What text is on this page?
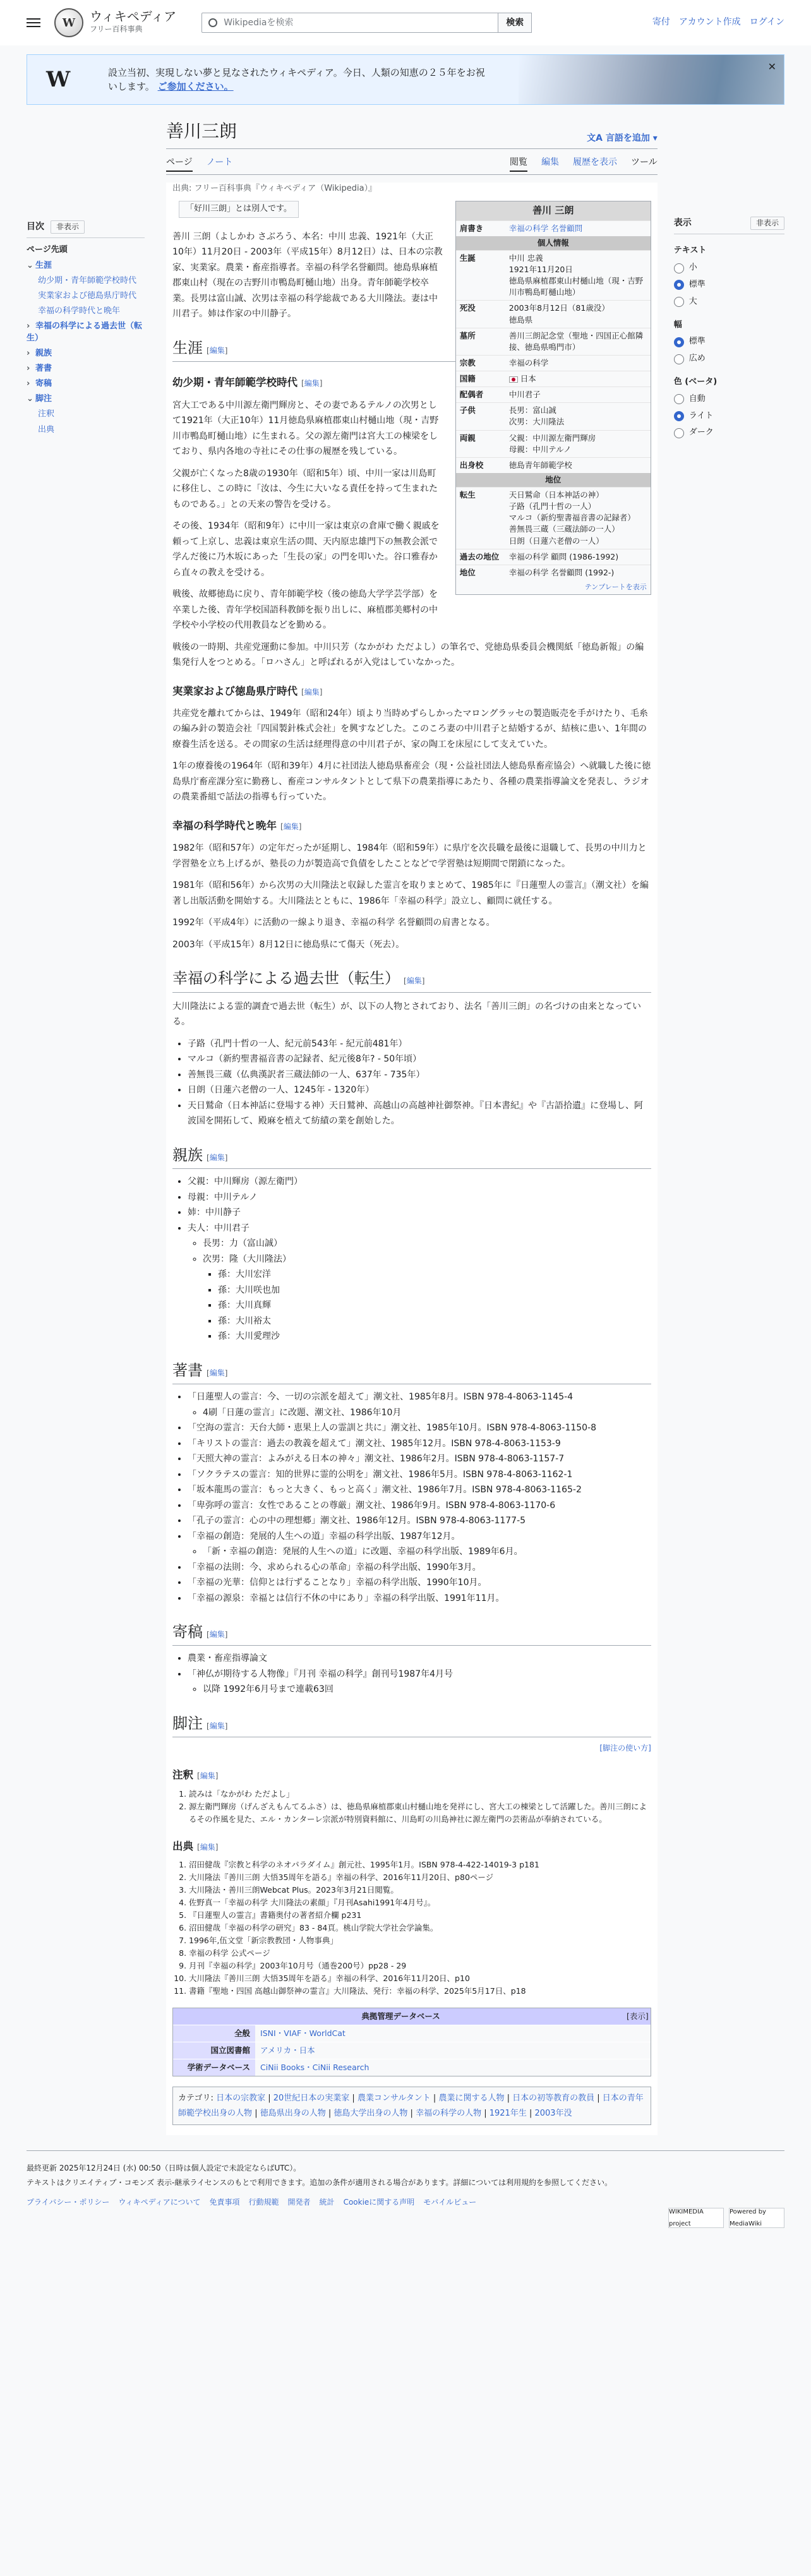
W	ウィキペディア
フリー百科事典
Wikipediaを検索	検索	寄付 アカウント作成 ログイン
W	設立当初、実現しない夢と見なされたウィキペディア。今日、人類の知恵の２５年をお祝いします。 ご参加ください。
✕
目次	非表示
ページ先頭
⌄ 生涯
幼少期・青年師範学校時代
実業家および徳島県庁時代
幸福の科学時代と晩年
› 幸福の科学による過去世（転生）
› 親族
› 著書
› 寄稿
⌄ 脚注
注釈
出典
善川三朗	文A 言語を追加 ▾
ページ ノート	閲覧 編集 履歴を表示 ツール
出典: フリー百科事典『ウィキペディア（Wikipedia）』
「好川三朗」とは別人です。	善川 三朗
肩書き	幸福の科学 名誉顧問
個人情報
生誕	中川 忠義
1921年11月20日
徳島県麻植郡東山村樋山地（現・吉野川市鴨島町樋山地）
死没	2003年8月12日（81歳没）
徳島県
墓所	善川三朗記念堂（聖地・四国正心館隣接、徳島県鳴門市）
宗教	幸福の科学
国籍	日本
配偶者	中川君子
子供	長男：富山誠
次男：大川隆法
両親	父親：中川源左衛門輝房
母親：中川テルノ
出身校	徳島青年師範学校
地位
転生	天日鷲命（日本神話の神）
子路（孔門十哲の一人）
マルコ（新約聖書福音書の記録者）
善無畏三蔵（三蔵法師の一人）
日朗（日蓮六老僧の一人）
過去の地位	幸福の科学 顧問 (1986-1992)
地位	幸福の科学 名誉顧問 (1992-)
テンプレートを表示

善川 三朗（よしかわ さぶろう、本名：中川 忠義、1921年（大正10年）11月20日 - 2003年（平成15年）8月12日）は、日本の宗教家、実業家。農業・畜産指導者。幸福の科学名誉顧問。徳島県麻植郡東山村（現在の吉野川市鴨島町樋山地）出身。青年師範学校卒業。長男は富山誠、次男は幸福の科学総裁である大川隆法。妻は中川君子。姉は作家の中川静子。

生涯 [編集]
幼少期・青年師範学校時代 [編集]

宮大工である中川源左衛門輝房と、その妻であるテルノの次男として1921年（大正10年）11月徳島県麻植郡東山村樋山地（現・吉野川市鴨島町樋山地）に生まれる。父の源左衛門は宮大工の棟梁をしており、県内各地の寺社にその仕事の履歴を残している。

父親が亡くなった8歳の1930年（昭和5年）頃、中川一家は川島町に移住し、この時に「汝は、今生に大いなる責任を持って生まれたものである。」との天来の警告を受ける。

その後、1934年（昭和9年）に中川一家は東京の倉庫で働く親戚を頼って上京し、忠義は東京生活の間、天内原忠雄門下の無教会派で学んだ後に乃木坂にあった「生長の家」の門を叩いた。谷口雅春から直々の教えを受ける。

戦後、故郷徳島に戻り、青年師範学校（後の徳島大学学芸学部）を卒業した後、青年学校国語科教師を振り出しに、麻植郡美郷村の中学校や小学校の代用教員などを勤める。

戦後の一時期、共産党運動に参加。中川只芳（なかがわ ただよし）の筆名で、党徳島県委員会機関紙「徳島新報」の編集発行人をつとめる。「ロハさん」と呼ばれるが入党はしていなかった。

実業家および徳島県庁時代 [編集]

共産党を離れてからは、1949年（昭和24年）頃より当時めずらしかったマロングラッセの製造販売を手がけたり、毛糸の編み針の製造会社「四国製針株式会社」を興すなどした。このころ妻の中川君子と結婚するが、結核に患い、1年間の療養生活を送る。その間家の生活は経理得意の中川君子が、家の陶工を床屋にして支えていた。

1年の療養後の1964年（昭和39年）4月に社団法人徳島県畜産会（現・公益社団法人徳島県畜産協会）へ就職した後に徳島県庁畜産課分室に勤務し、畜産コンサルタントとして県下の農業指導にあたり、各種の農業指導論文を発表し、ラジオの農業番組で話法の指導も行っていた。

幸福の科学時代と晩年 [編集]

1982年（昭和57年）の定年だったが延期し、1984年（昭和59年）に県庁を次長職を最後に退職して、長男の中川力と学習塾を立ち上げるが、塾長の力が製造高で負債をしたことなどで学習塾は短期間で閉鎖になった。

1981年（昭和56年）から次男の大川隆法と収録した霊言を取りまとめて、1985年に『日蓮聖人の霊言』（潮文社）を編著し出版活動を開始する。大川隆法とともに、1986年「幸福の科学」設立し、顧問に就任する。

1992年（平成4年）に活動の一線より退き、幸福の科学 名誉顧問の肩書となる。

2003年（平成15年）8月12日に徳島県にて傷天（死去）。

幸福の科学による過去世（転生） [編集]

大川隆法による霊的調査で過去世（転生）が、以下の人物とされており、法名「善川三朗」の名づけの由来となっている。

• 子路（孔門十哲の一人、紀元前543年 - 紀元前481年）
• マルコ（新約聖書福音書の記録者、紀元後8年? - 50年頃）
• 善無畏三蔵（仏典漢訳者三蔵法師の一人、637年 - 735年）
• 日朗（日蓮六老僧の一人、1245年 - 1320年）
• 天日鷲命（日本神話に登場する神）天日鷲神、高越山の高越神社御祭神。『日本書紀』や『古語拾遺』に登場し、阿波国を開拓して、殿麻を植えて紡績の業を創始した。
親族 [編集]
• 父親：中川輝房（源左衛門）
• 母親：中川テルノ
• 姉：中川静子
• 夫人：中川君子
◦ 長男：力（富山誠）
◦ 次男：隆（大川隆法）
▪ 孫：大川宏洋
▪ 孫：大川咲也加
▪ 孫：大川真輝
▪ 孫：大川裕太
▪ 孫：大川愛理沙
著書 [編集]
• 「日蓮聖人の霊言：今、一切の宗派を超えて」潮文社、1985年8月。ISBN 978-4-8063-1145-4
◦ 4刷「日蓮の霊言」に改題、潮文社、1986年10月
• 「空海の霊言：天台大師・恵果上人の霊訓と共に」潮文社、1985年10月。ISBN 978-4-8063-1150-8
• 「キリストの霊言：過去の教義を超えて」潮文社、1985年12月。ISBN 978-4-8063-1153-9
• 「天照大神の霊言：よみがえる日本の神々」潮文社、1986年2月。ISBN 978-4-8063-1157-7
• 「ソクラテスの霊言：知的世界に霊的公明を」潮文社、1986年5月。ISBN 978-4-8063-1162-1
• 「坂本龍馬の霊言：もっと大きく、もっと高く」潮文社、1986年7月。ISBN 978-4-8063-1165-2
• 「卑弥呼の霊言：女性であることの尊厳」潮文社、1986年9月。ISBN 978-4-8063-1170-6
• 「孔子の霊言：心の中の理想郷」潮文社、1986年12月。ISBN 978-4-8063-1177-5
• 「幸福の創造：発展的人生への道」幸福の科学出版、1987年12月。
◦ 「新・幸福の創造：発展的人生への道」に改題、幸福の科学出版、1989年6月。
• 「幸福の法則：今、求められる心の革命」幸福の科学出版、1990年3月。
• 「幸福の光華：信仰とは行ずることなり」幸福の科学出版、1990年10月。
• 「幸福の源泉：幸福とは信行不休の中にあり」幸福の科学出版、1991年11月。
寄稿 [編集]
• 農業・畜産指導論文
• 「神仏が期待する人物像」『月刊 幸福の科学』創刊号1987年4月号
◦ 以降 1992年6月号まで連載63回
脚注 [編集]
[脚注の使い方]
注釈 [編集]
1. 読みは「なかがわ ただよし」
2. 源左衛門輝房（げんざえもんてるふさ）は、徳島県麻植郡東山村樋山地を発祥にし、宮大工の棟梁として活躍した。善川三朗によるその作風を見た、エル・カンターレ宗派が特別資料館に、川島町の川島神社に源左衛門の芸術品が奉納されている。
出典 [編集]
1. 沼田健哉『宗教と科学のネオパラダイム』創元社、1995年1月。ISBN 978-4-422-14019-3 p181
2. 大川隆法『善川三朗 大悟35周年を語る』幸福の科学、2016年11月20日、p80ページ
3. 大川隆法・善川三朗Webcat Plus。2023年3月21日閲覧。
4. 佐野真一「幸福の科学 大川隆法の素顔」『月刊Asahi1991年4月号』。
5. 『日蓮聖人の霊言』書籍奥付の著者紹介欄 p231
6. 沼田健哉「幸福の科学の研究」83 - 84頁。桃山学院大学社会学論集。
7. 1996年,伍文堂「新宗教教団・人物事典」
8. 幸福の科学 公式ページ
9. 月刊『幸福の科学』2003年10月号（通巻200号）pp28 - 29
10. 大川隆法『善川三朗 大悟35周年を語る』幸福の科学、2016年11月20日、p10
11. 書籍『聖地・四国 高越山御祭神の霊言』大川隆法、発行：幸福の科学、2025年5月17日、p18
典拠管理データベース	[表示]
全般	ISNI・VIAF・WorldCat
国立図書館	アメリカ・日本
学術データベース	CiNii Books・CiNii Research
カテゴリ: 日本の宗教家 | 20世紀日本の実業家 | 農業コンサルタント | 農業に関する人物 | 日本の初等教育の教員 | 日本の青年師範学校出身の人物 | 徳島県出身の人物 | 徳島大学出身の人物 | 幸福の科学の人物 | 1921年生 | 2003年没
表示	非表示
テキスト
小
標準
大
幅
標準
広め
色 (ベータ)
自動
ライト
ダーク
最終更新 2025年12月24日 (水) 00:50（日時は個人設定で未設定ならばUTC）。
テキストはクリエイティブ・コモンズ 表示-継承ライセンスのもとで利用できます。追加の条件が適用される場合があります。詳細については利用規約を参照してください。
プライバシー・ポリシー ウィキペディアについて 免責事項 行動規範 開発者 統計 Cookieに関する声明 モバイルビュー
WIKIMEDIA project
Powered by MediaWiki
